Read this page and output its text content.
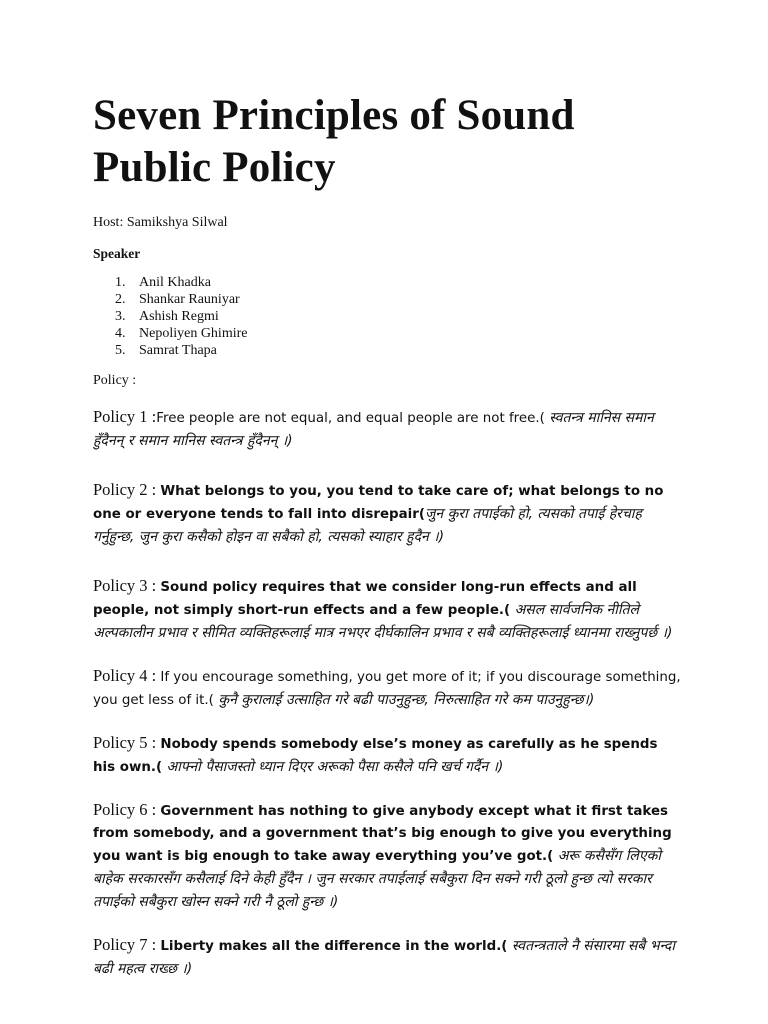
Seven Principles of Sound
Public Policy
Host: Samikshya Silwal
Speaker
1. Anil Khadka
2. Shankar Rauniyar
3. Ashish Regmi
4. Nepoliyen Ghimire
5. Samrat Thapa
Policy :

Policy 1 :Free people are not equal, and equal people are not free.( स्वतन्त्र मानिस समान हुँदैनन् र समान मानिस स्वतन्त्र हुँदैनन् ।)

Policy 2 : What belongs to you, you tend to take care of; what belongs to no one or everyone tends to fall into disrepair(जुन कुरा तपाईको हो, त्यसको तपाई हेरचाह गर्नुहुन्छ, जुन कुरा कसैको होइन वा सबैको हो, त्यसको स्याहार हुदैन ।)

Policy 3 : Sound policy requires that we consider long-run effects and all people, not simply short-run effects and a few people.( असल सार्वजनिक नीतिले अल्पकालीन प्रभाव र सीमित व्यक्तिहरूलाई मात्र नभएर दीर्घकालिन प्रभाव र सबै व्यक्तिहरूलाई ध्यानमा राख्नुपर्छ ।)

Policy 4 : If you encourage something, you get more of it; if you discourage something, you get less of it.( कुनै कुरालाई उत्साहित गरे बढी पाउनुहुन्छ, निरुत्साहित गरे कम पाउनुहुन्छ।)

Policy 5 : Nobody spends somebody else’s money as carefully as he spends his own.( आफ्नो पैसाजस्तो ध्यान दिएर अरूको पैसा कसैले पनि खर्च गर्दैन ।)

Policy 6 : Government has nothing to give anybody except what it first takes from somebody, and a government that’s big enough to give you everything you want is big enough to take away everything you’ve got.( अरू कसैसँग लिएको बाहेक सरकारसँग कसैलाई दिने केही हुँदैन । जुन सरकार तपाईलाई सबैकुरा दिन सक्ने गरी ठूलो हुन्छ त्यो सरकार तपाईको सबैकुरा खोस्न सक्ने गरी नै ठूलो हुन्छ ।)

Policy 7 : Liberty makes all the difference in the world.( स्वतन्त्रताले नै संसारमा सबै भन्दा बढी महत्व राख्छ ।)
